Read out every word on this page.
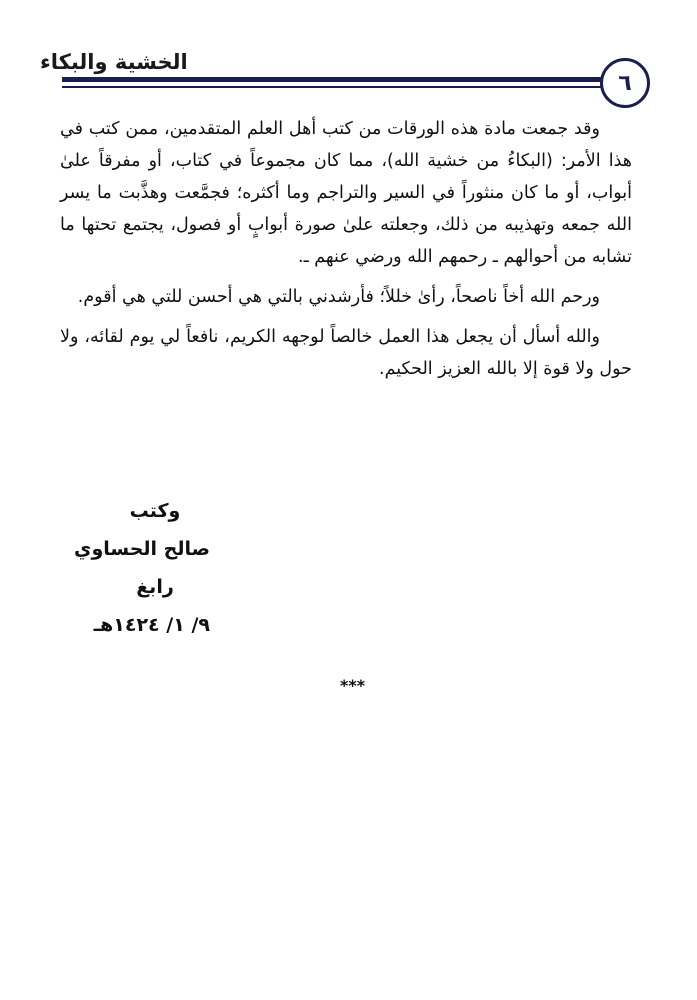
الخشية والبكاء
٦

وقد جمعت مادة هذه الورقات من كتب أهل العلم المتقدمين، ممن كتب في هذا الأمر: (البكاءُ من خشية الله)، مما كان مجموعاً في كتاب، أو مفرقاً علىٰ أبواب، أو ما كان منثوراً في السير والتراجم وما أكثره؛ فجمَّعت وهذَّبت ما يسر الله جمعه وتهذيبه من ذلك، وجعلته علىٰ صورة أبوابٍ أو فصول، يجتمع تحتها ما تشابه من أحوالهم ـ رحمهم الله ورضي عنهم ـ.

ورحم الله أخاً ناصحاً، رأىٰ خللاً؛ فأرشدني بالتي هي أحسن للتي هي أقوم.

والله أسأل أن يجعل هذا العمل خالصاً لوجهه الكريم، نافعاً لي يوم لقائه، ولا حول ولا قوة إلا بالله العزيز الحكيم.

وكتب
صالح الحساوي
رابغ
٩/ ١/ ١٤٢٤هـ
***
